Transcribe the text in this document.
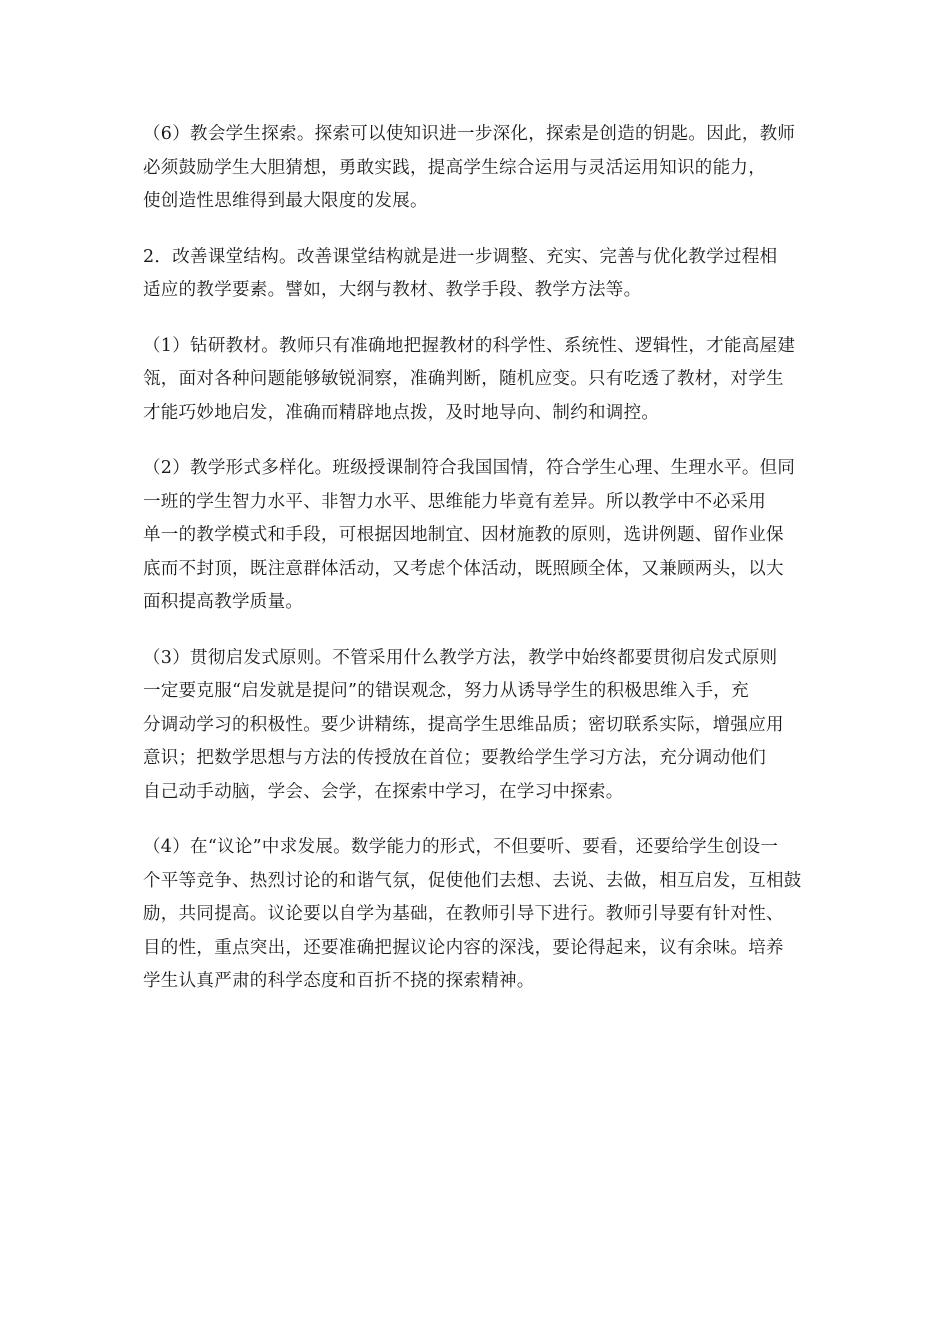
（6）教会学生探索。探索可以使知识进一步深化，探索是创造的钥匙。因此，教师
必须鼓励学生大胆猜想，勇敢实践，提高学生综合运用与灵活运用知识的能力，
使创造性思维得到最大限度的发展。

2．改善课堂结构。改善课堂结构就是进一步调整、充实、完善与优化教学过程相
适应的教学要素。譬如，大纲与教材、教学手段、教学方法等。

（1）钻研教材。教师只有准确地把握教材的科学性、系统性、逻辑性，才能高屋建
瓴，面对各种问题能够敏锐洞察，准确判断，随机应变。只有吃透了教材，对学生
才能巧妙地启发，准确而精辟地点拨，及时地导向、制约和调控。

（2）教学形式多样化。班级授课制符合我国国情，符合学生心理、生理水平。但同
一班的学生智力水平、非智力水平、思维能力毕竟有差异。所以教学中不必采用
单一的教学模式和手段，可根据因地制宜、因材施教的原则，选讲例题、留作业保
底而不封顶，既注意群体活动，又考虑个体活动，既照顾全体，又兼顾两头，以大
面积提高教学质量。

（3）贯彻启发式原则。不管采用什么教学方法，教学中始终都要贯彻启发式原则
一定要克服“启发就是提问”的错误观念，努力从诱导学生的积极思维入手，充
分调动学习的积极性。要少讲精练，提高学生思维品质；密切联系实际，增强应用
意识；把数学思想与方法的传授放在首位；要教给学生学习方法，充分调动他们
自己动手动脑，学会、会学，在探索中学习，在学习中探索。

（4）在“议论”中求发展。数学能力的形式，不但要听、要看，还要给学生创设一
个平等竞争、热烈讨论的和谐气氛，促使他们去想、去说、去做，相互启发，互相鼓
励，共同提高。议论要以自学为基础，在教师引导下进行。教师引导要有针对性、
目的性，重点突出，还要准确把握议论内容的深浅，要论得起来，议有余味。培养
学生认真严肃的科学态度和百折不挠的探索精神。
